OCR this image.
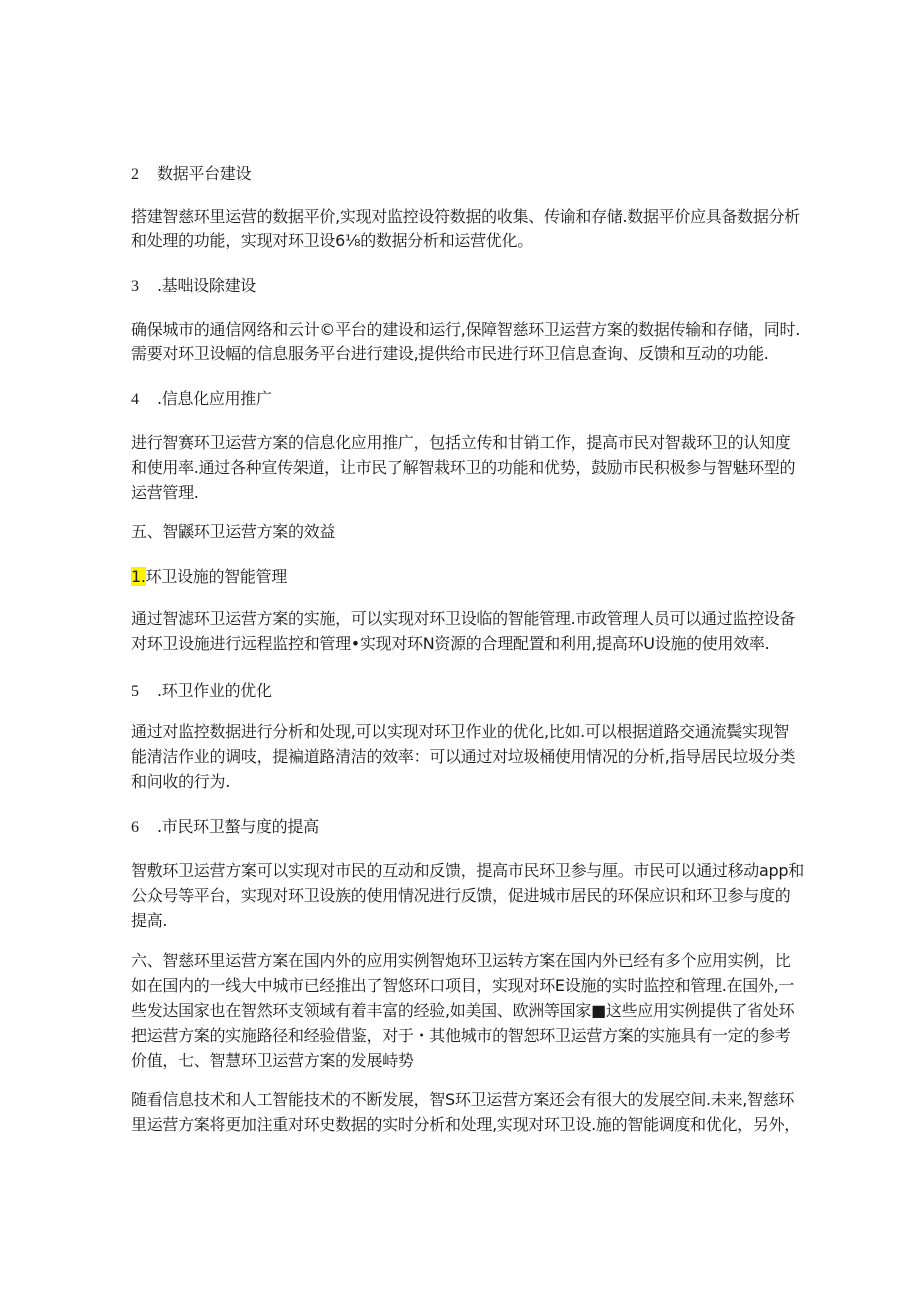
2 数据平台建设
搭建智慈环里运营的数据平价,实现对监控设符数据的收集、传谕和存储.数据平价应具备数据分析
和处理的功能，实现对环卫设6⅛的数据分析和运营优化。
3 .基咄设除建设
确保城市的通信网络和云计©平台的建设和运行,保障智慈环卫运营方案的数据传输和存储，同时.
需要对环卫设幅的信息服务平台进行建设,提供给市民进行环卫信息查询、反馈和互动的功能.
4 .信息化应用推广
进行智赛环卫运营方案的信息化应用推广，包括立传和甘销工作，提高市民对智裁环卫的认知度
和使用率.通过各种宣传架道，让市民了解智栽环卫的功能和优势，鼓励市民积极参与智魅环型的
运营管理.
五、智鼷环卫运营方案的效益
1.环卫设施的智能管理
通过智滤环卫运营方案的实施，可以实现对环卫设临的智能管理.市政管理人员可以通过监控设备
对环卫设施进行远程监控和管理•实现对环N资源的合理配置和利用,提高环U设施的使用效率.
5 .环卫作业的优化
通过对监控数据进行分析和处现,可以实现对环卫作业的优化,比如.可以根据道路交通流鬓实现智
能清洁作业的调吱，提褊道路清洁的效率：可以通过对垃圾桶使用情况的分析,指导居民垃圾分类
和问收的行为.
6 .市民环卫螯与度的提高
智敷环卫运营方案可以实现对市民的互动和反馈，提高市民环卫参与厘。市民可以通过移动app和
公众号等平台，实现对环卫设族的使用情况进行反馈，促进城市居民的环保应识和环卫参与度的
提高.
六、智慈环里运营方案在国内外的应用实例智炮环卫运转方案在国内外已经有多个应用实例，比
如在国内的一线大中城市已经推出了智悠环口项目，实现对环E设施的实时监控和管理.在国外,一
些发达国家也在智然环支领域有着丰富的经验,如美国、欧洲等国家■这些应用实例提供了省处环
把运营方案的实施路径和经验借鉴，对于・其他城市的智恕环卫运营方案的实施具有一定的参考
价值，七、智慧环卫运营方案的发展峙势
随看信息技术和人工智能技术的不断发展，智S环卫运营方案还会有很大的发展空间.未来,智慈环
里运营方案将更加注重对环史数据的实时分析和处理,实现对环卫设.施的智能调度和优化，另外，
